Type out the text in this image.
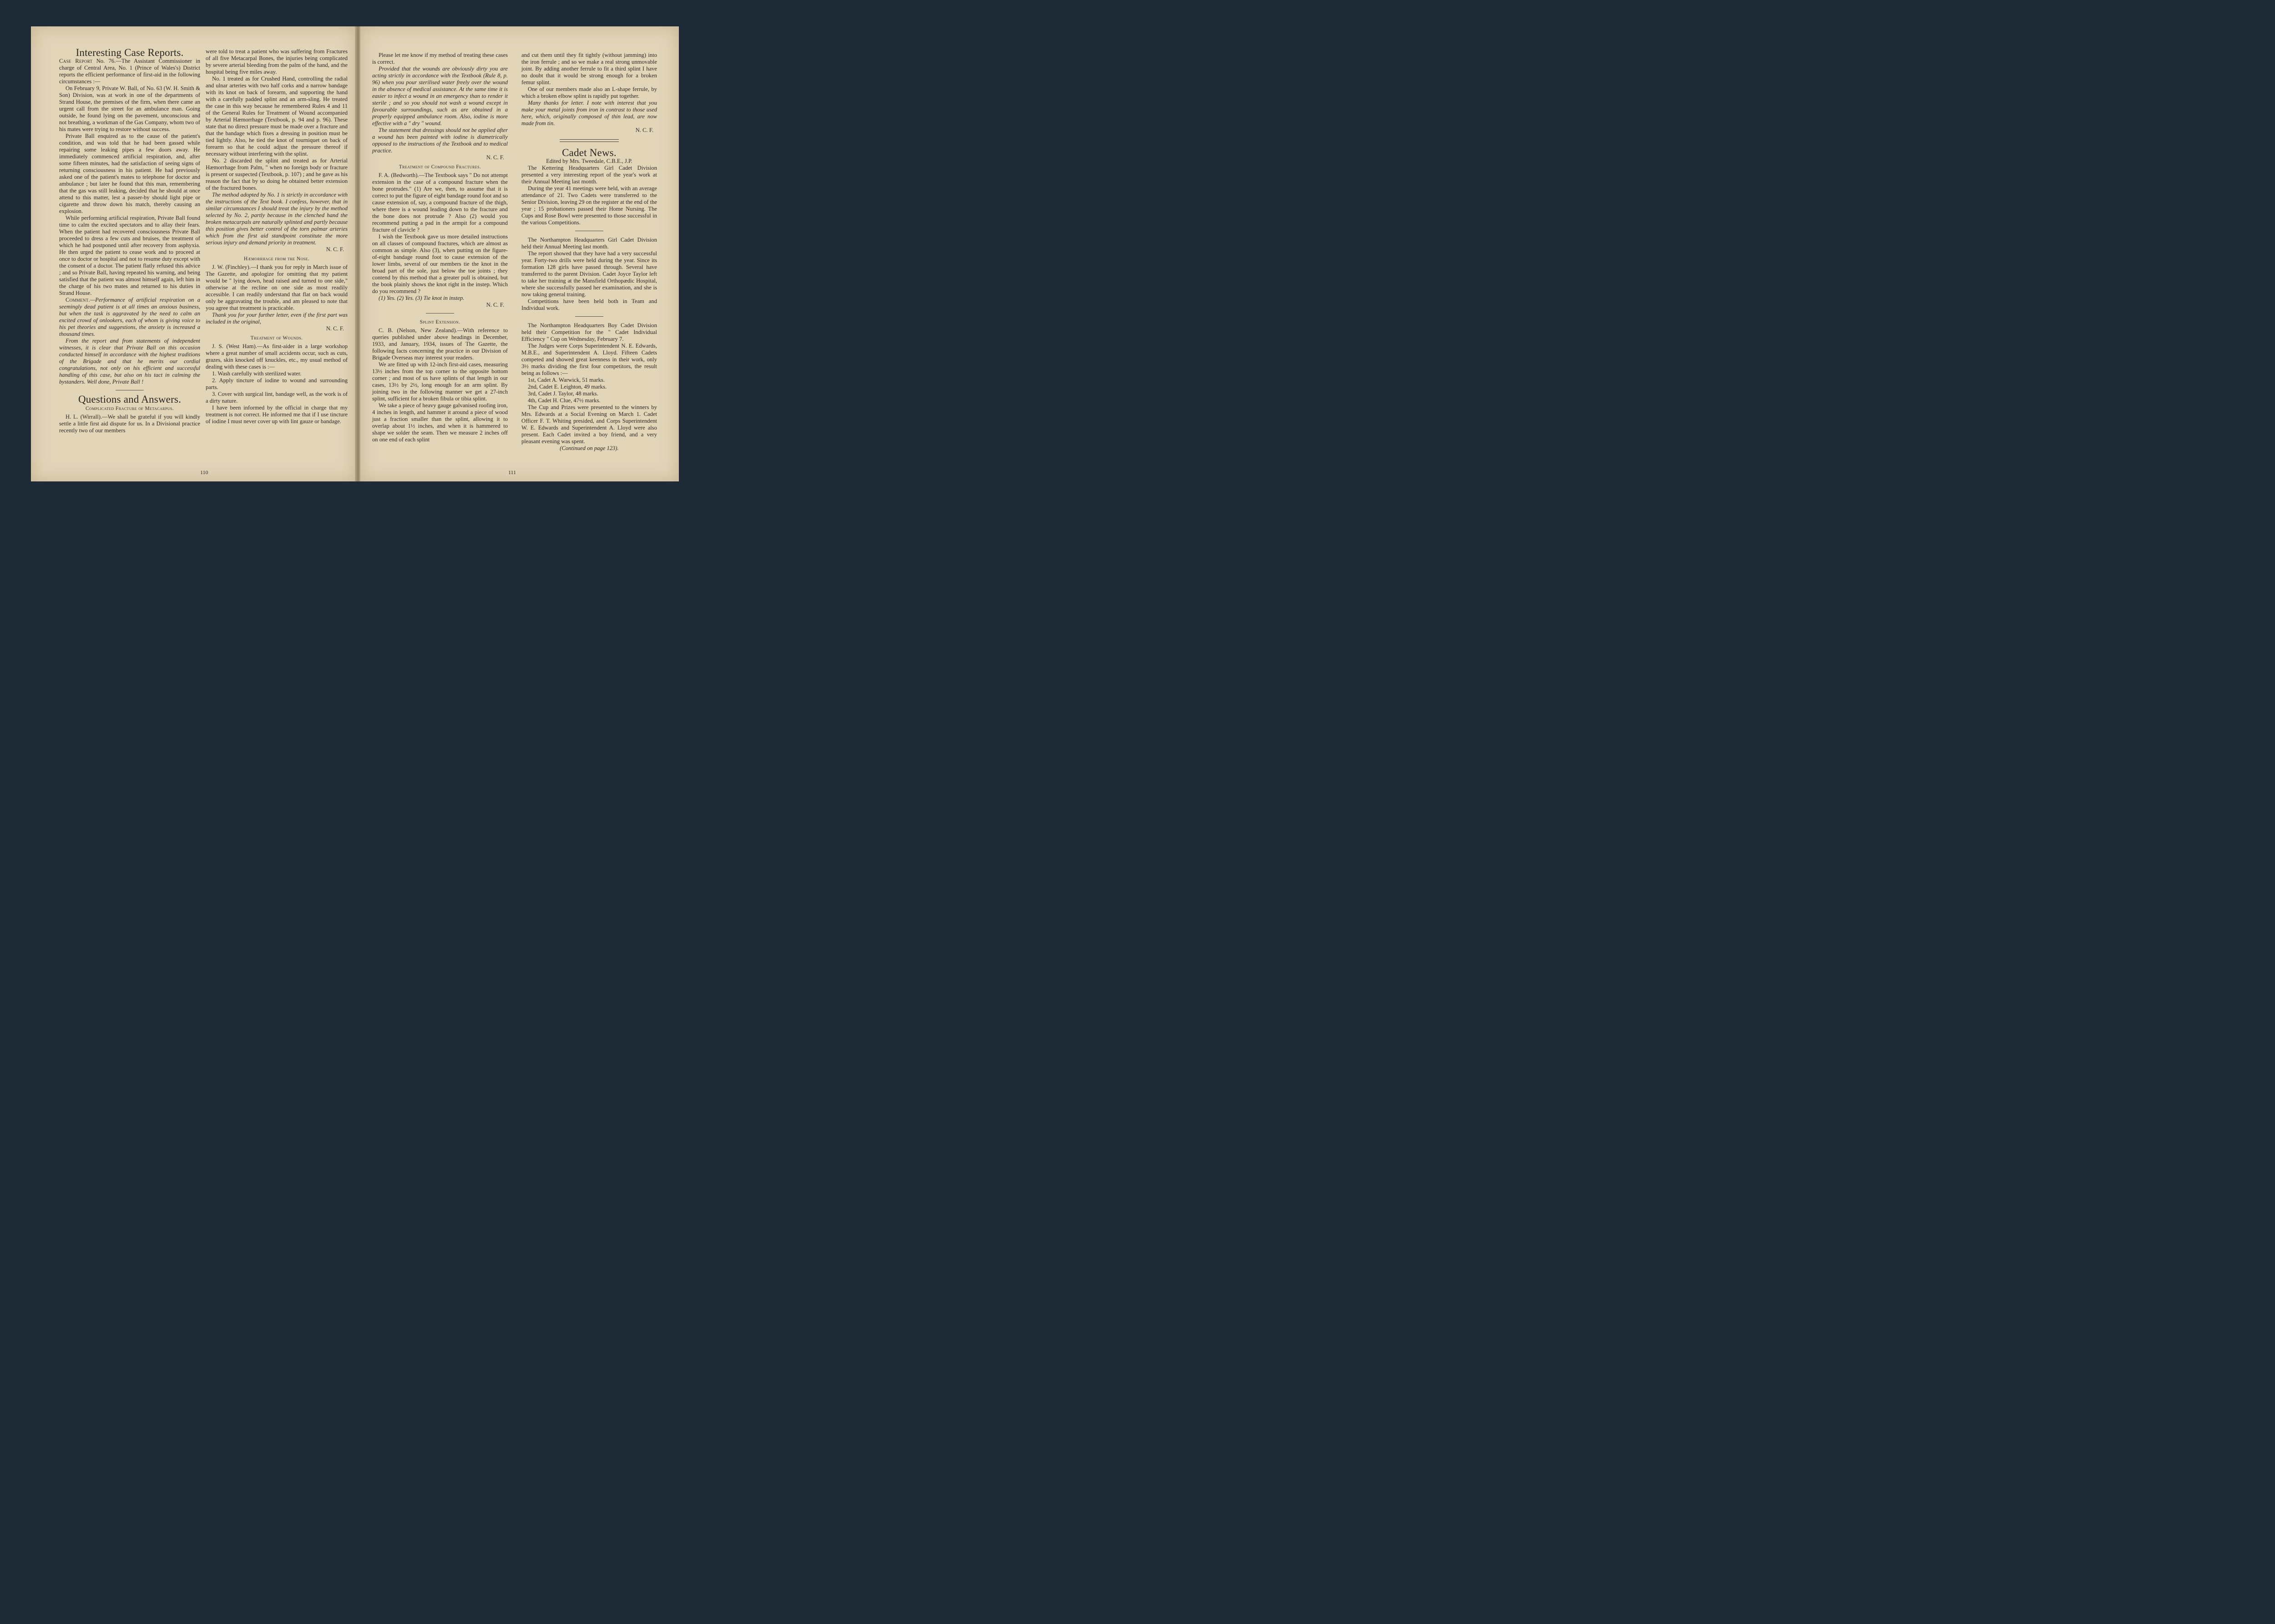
Interesting Case Reports.

Case Report No. 76.—The Assistant Commissioner in charge of Central Area, No. 1 (Prince of Wales's) District reports the efficient performance of first-aid in the following circumstances :—

On February 9, Private W. Ball, of No. 63 (W. H. Smith & Son) Division, was at work in one of the departments of Strand House, the premises of the firm, when there came an urgent call from the street for an ambulance man. Going outside, he found lying on the pavement, unconscious and not breathing, a workman of the Gas Company, whom two of his mates were trying to restore without success.

Private Ball enquired as to the cause of the patient's condition, and was told that he had been gassed while repairing some leaking pipes a few doors away. He immediately commenced artificial respiration, and, after some fifteen minutes, had the satisfaction of seeing signs of returning consciousness in his patient. He had previously asked one of the patient's mates to telephone for doctor and ambulance ; but later he found that this man, remembering that the gas was still leaking, decided that he should at once attend to this matter, lest a passer-by should light pipe or cigarette and throw down his match, thereby causing an explosion.

While performing artificial respiration, Private Ball found time to calm the excited spectators and to allay their fears. When the patient had recovered consciousness Private Ball proceeded to dress a few cuts and bruises, the treatment of which he had postponed until after recovery from asphyxia. He then urged the patient to cease work and to proceed at once to doctor or hospital and not to resume duty except with the consent of a doctor. The patient flatly refused this advice ; and so Private Ball, having repeated his warning, and being satisfied that the patient was almost himself again, left him in the charge of his two mates and returned to his duties in Strand House.

Comment.—Performance of artificial respiration on a seemingly dead patient is at all times an anxious business, but when the task is aggravated by the need to calm an excited crowd of onlookers, each of whom is giving voice to his pet theories and suggestions, the anxiety is increased a thousand times.

From the report and from statements of independent witnesses, it is clear that Private Ball on this occasion conducted himself in accordance with the highest traditions of the Brigade and that he merits our cordial congratulations, not only on his efficient and successful handling of this case, but also on his tact in calming the bystanders. Well done, Private Ball !

Questions and Answers.
Complicated Fracture of Metacarpus.

H. L. (Wirrall).—We shall be grateful if you will kindly settle a little first aid dispute for us. In a Divisional practice recently two of our members

were told to treat a patient who was suffering from Fractures of all five Metacarpal Bones, the injuries being complicated by severe arterial bleeding from the palm of the hand, and the hospital being five miles away.

No. 1 treated as for Crushed Hand, controlling the radial and ulnar arteries with two half corks and a narrow bandage with its knot on back of forearm, and supporting the hand with a carefully padded splint and an arm-sling. He treated the case in this way because he remembered Rules 4 and 11 of the General Rules for Treatment of Wound accompanied by Arterial Hæmorrhage (Textbook, p. 94 and p. 96). These state that no direct pressure must be made over a fracture and that the bandage which fixes a dressing in position must be tied lightly. Also, he tied the knot of tourniquet on back of forearm so that he could adjust the pressure thereof if necessary without interfering with the splint.

No. 2 discarded the splint and treated as for Arterial Hæmorrhage from Palm, " when no foreign body or fracture is present or suspected (Textbook, p. 107) ; and he gave as his reason the fact that by so doing he obtained better extension of the fractured bones.

The method adopted by No. 1 is strictly in accordance with the instructions of the Text book. I confess, however, that in similar circumstances I should treat the injury by the method selected by No. 2, partly because in the clenched hand the broken metacarpals are naturally splinted and partly because this position gives better control of the torn palmar arteries which from the first aid standpoint constitute the more serious injury and demand priority in treatment.

N. C. F.

Hæmorrhage from the Nose.

J. W. (Finchley).—I thank you for reply in March issue of The Gazette, and apologize for omitting that my patient would be " lying down, head raised and turned to one side," otherwise at the recline on one side as most readily accessible. I can readily understand that flat on back would only be aggravating the trouble, and am pleased to note that you agree that treatment is practicable.

Thank you for your further letter, even if the first part was included in the original,

N. C. F.

Treatment of Wounds.

J. S. (West Ham).—As first-aider in a large workshop where a great number of small accidents occur, such as cuts, grazes, skin knocked off knuckles, etc., my usual method of dealing with these cases is :—

1. Wash carefully with sterilized water.

2. Apply tincture of iodine to wound and surrounding parts.

3. Cover with surgical lint, bandage well, as the work is of a dirty nature.

I have been informed by the official in charge that my treatment is not correct. He informed me that if I use tincture of iodine I must never cover up with lint gauze or bandage.

110

Please let me know if my method of treating these cases is correct.

Provided that the wounds are obviously dirty you are acting strictly in accordance with the Textbook (Rule 8, p. 96) when you pour sterilised water freely over the wound in the absence of medical assistance. At the same time it is easier to infect a wound in an emergency than to render it sterile ; and so you should not wash a wound except in favourable surroundings, such as are obtained in a properly equipped ambulance room. Also, iodine is more effective with a " dry " wound.

The statement that dressings should not be applied after a wound has been painted with iodine is diametrically opposed to the instructions of the Textbook and to medical practice.

N. C. F.

Treatment of Compound Fractures.

F. A. (Bedworth).—The Textbook says " Do not attempt extension in the case of a compound fracture when the bone protrudes." (1) Are we, then, to assume that it is correct to put the figure of eight bandage round foot and so cause extension of, say, a compound fracture of the thigh, where there is a wound leading down to the fracture and the bone does not protrude ? Also (2) would you recommend putting a pad in the armpit for a compound fracture of clavicle ?

I wish the Textbook gave us more detailed instructions on all classes of compound fractures, which are almost as common as simple. Also (3), when putting on the figure-of-eight bandage round foot to cause extension of the lower limbs, several of our members tie the knot in the broad part of the sole, just below the toe joints ; they contend by this method that a greater pull is obtained, but the book plainly shows the knot right in the instep. Which do you recommend ?

(1) Yes. (2) Yes. (3) Tie knot in instep.

N. C. F.

Splint Extension.

C. B. (Nelson, New Zealand).—With reference to queries published under above headings in December, 1933, and January, 1934, issues of The Gazette, the following facts concerning the practice in our Division of Brigade Overseas may interest your readers.

We are fitted up with 12-inch first-aid cases, measuring 13½ inches from the top corner to the opposite bottom corner ; and most of us have splints of that length in our cases, 13½ by 2½, long enough for an arm splint. By joining two in the following manner we get a 27-inch splint, sufficient for a broken fibula or tibia splint.

We take a piece of heavy gauge galvanised roofing iron, 4 inches in length, and hammer it around a piece of wood just a fraction smaller than the splint, allowing it to overlap about 1½ inches, and when it is hammered to shape we solder the seam. Then we measure 2 inches off on one end of each splint

and cut them until they fit tightly (without jamming) into the iron ferrule ; and so we make a real strong unmovable joint. By adding another ferrule to fit a third splint I have no doubt that it would be strong enough for a broken femur splint.

One of our members made also an L-shape ferrule, by which a broken elbow splint is rapidly put together.

Many thanks for letter. I note with interest that you make your metal joints from iron in contrast to those used here, which, originally composed of thin lead, are now made from tin.

N. C. F.

Cadet News.

Edited by Mrs. Tweedale, C.B.E., J.P.

The Kettering Headquarters Girl Cadet Division presented a very interesting report of the year's work at their Annual Meeting last month.

During the year 41 meetings were held, with an average attendance of 21. Two Cadets were transferred to the Senior Division, leaving 29 on the register at the end of the year ; 15 probationers passed their Home Nursing. The Cups and Rose Bowl were presented to those successful in the various Competitions.

The Northampton Headquarters Girl Cadet Division held their Annual Meeting last month.

The report showed that they have had a very successful year. Forty-two drills were held during the year. Since its formation 128 girls have passed through. Several have transferred to the parent Division. Cadet Joyce Taylor left to take her training at the Mansfield Orthopædic Hospital, where she successfully passed her examination, and she is now taking general training.

Competitions have been held both in Team and Individual work.

The Northampton Headquarters Boy Cadet Division held their Competition for the " Cadet Individual Efficiency " Cup on Wednesday, February 7.

The Judges were Corps Superintendent N. E. Edwards, M.B.E., and Superintendent A. Lloyd. Fifteen Cadets competed and showed great keenness in their work, only 3½ marks dividing the first four competitors, the result being as follows :—

1st, Cadet A. Warwick, 51 marks.

2nd, Cadet E. Leighton, 49 marks.

3rd, Cadet J. Taylor, 48 marks.

4th, Cadet H. Clue, 47½ marks.

The Cup and Prizes were presented to the winners by Mrs. Edwards at a Social Evening on March 1. Cadet Officer F. T. Whiting presided, and Corps Superintendent W. E. Edwards and Superintendent A. Lloyd were also present. Each Cadet invited a boy friend, and a very pleasant evening was spent.

(Continued on page 123).

111
